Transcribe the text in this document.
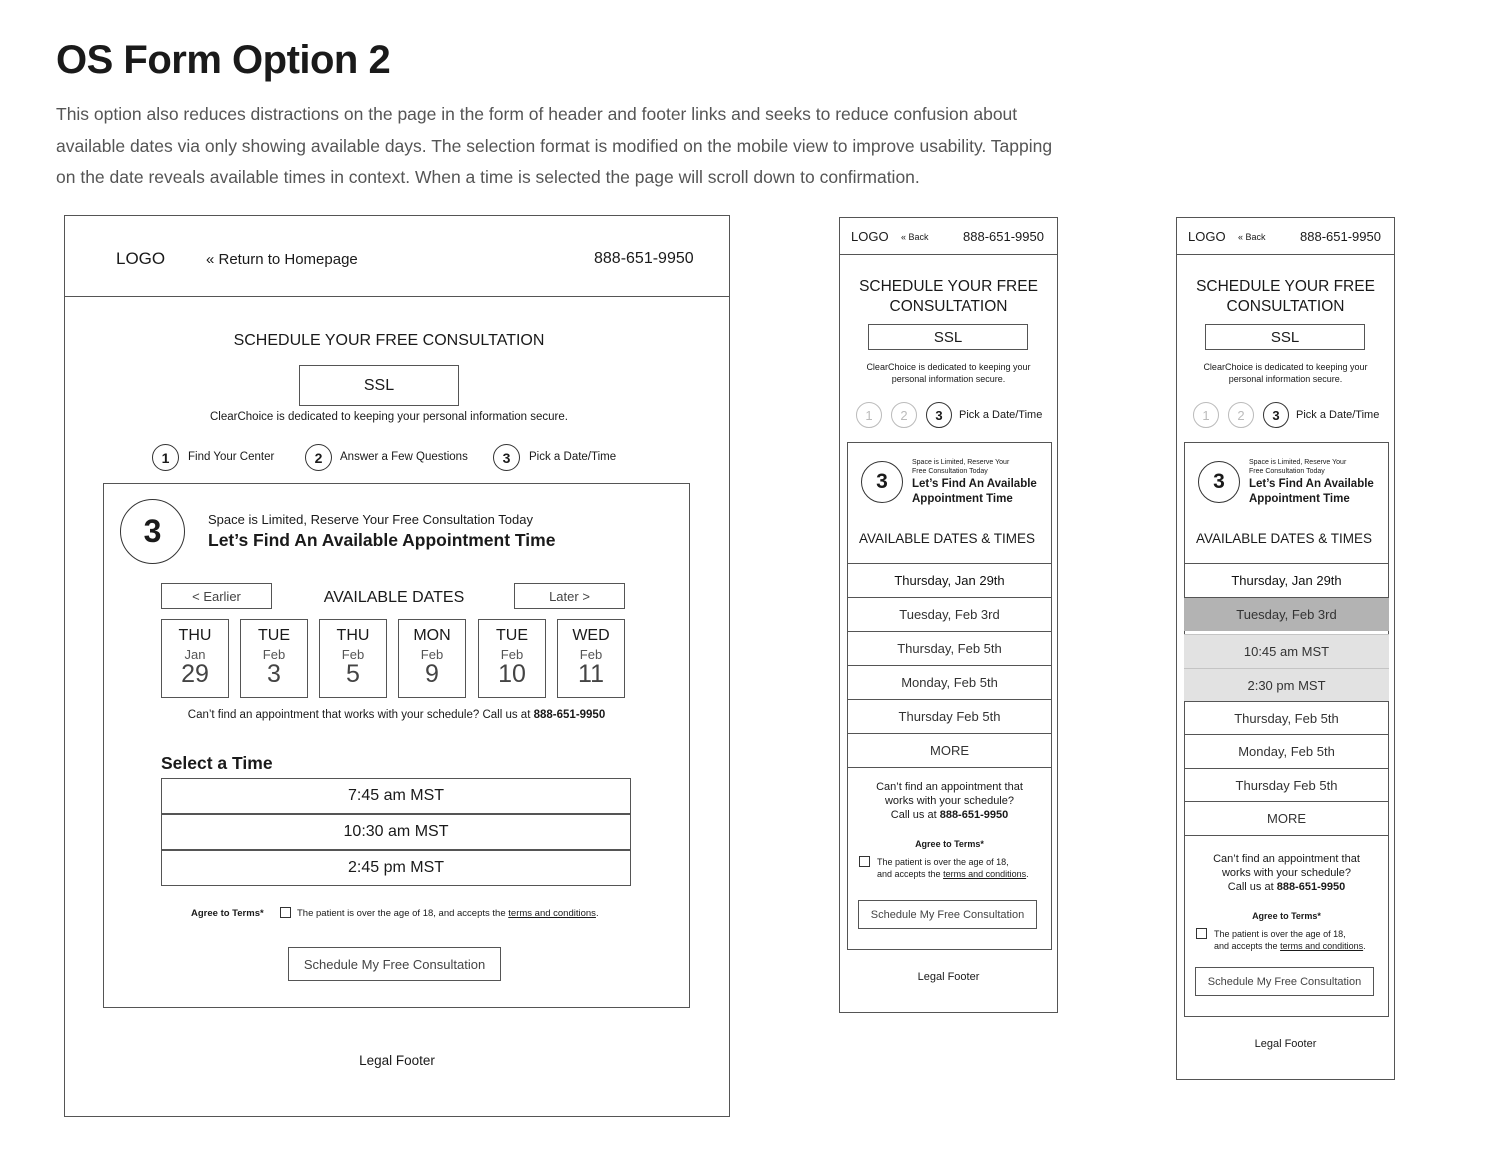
OS Form Option 2
This option also reduces distractions on the page in the form of header and footer links and seeks to reduce confusion about available dates via only showing available days. The selection format is modified on the mobile view to improve usability. Tapping on the date reveals available times in context. When a time is selected the page will scroll down to confirmation.
LOGO	« Return to Homepage	888-651-9950
SCHEDULE YOUR FREE CONSULTATION
SSL
ClearChoice is dedicated to keeping your personal information secure.
1 Find Your Center	2 Answer a Few Questions 3 Pick a Date/Time
3	Space is Limited, Reserve Your Free Consultation Today
Let’s Find An Available Appointment Time
< Earlier	AVAILABLE DATES	Later >
THU
Jan
29
TUE
Feb
3
THU
Feb
5
MON
Feb
9
TUE
Feb
10
WED
Feb
11
Can’t find an appointment that works with your schedule? Call us at 888-651-9950
Select a Time
7:45 am MST
10:30 am MST
2:45 pm MST
Agree to Terms*	The patient is over the age of 18, and accepts the terms and conditions.
Schedule My Free Consultation
Legal Footer
LOGO « Back	888-651-9950
SCHEDULE YOUR FREE
CONSULTATION
SSL
ClearChoice is dedicated to keeping your
personal information secure.
1 2 3 Pick a Date/Time
3
Space is Limited, Reserve Your
Free Consultation Today
Let’s Find An Available
Appointment Time
AVAILABLE DATES & TIMES
Thursday, Jan 29th
Tuesday, Feb 3rd
Thursday, Feb 5th
Monday, Feb 5th
Thursday Feb 5th
MORE
Can’t find an appointment that
works with your schedule?
Call us at 888-651-9950
Agree to Terms*
The patient is over the age of 18,
and accepts the terms and conditions.
Schedule My Free Consultation
Legal Footer
LOGO « Back	888-651-9950
SCHEDULE YOUR FREE
CONSULTATION
SSL
ClearChoice is dedicated to keeping your
personal information secure.
1 2 3 Pick a Date/Time
3
Space is Limited, Reserve Your
Free Consultation Today
Let’s Find An Available
Appointment Time
AVAILABLE DATES & TIMES
Thursday, Jan 29th
Tuesday, Feb 3rd
10:45 am MST
2:30 pm MST
Thursday, Feb 5th
Monday, Feb 5th
Thursday Feb 5th
MORE
Can’t find an appointment that
works with your schedule?
Call us at 888-651-9950
Agree to Terms*
The patient is over the age of 18,
and accepts the terms and conditions.
Schedule My Free Consultation
Legal Footer
